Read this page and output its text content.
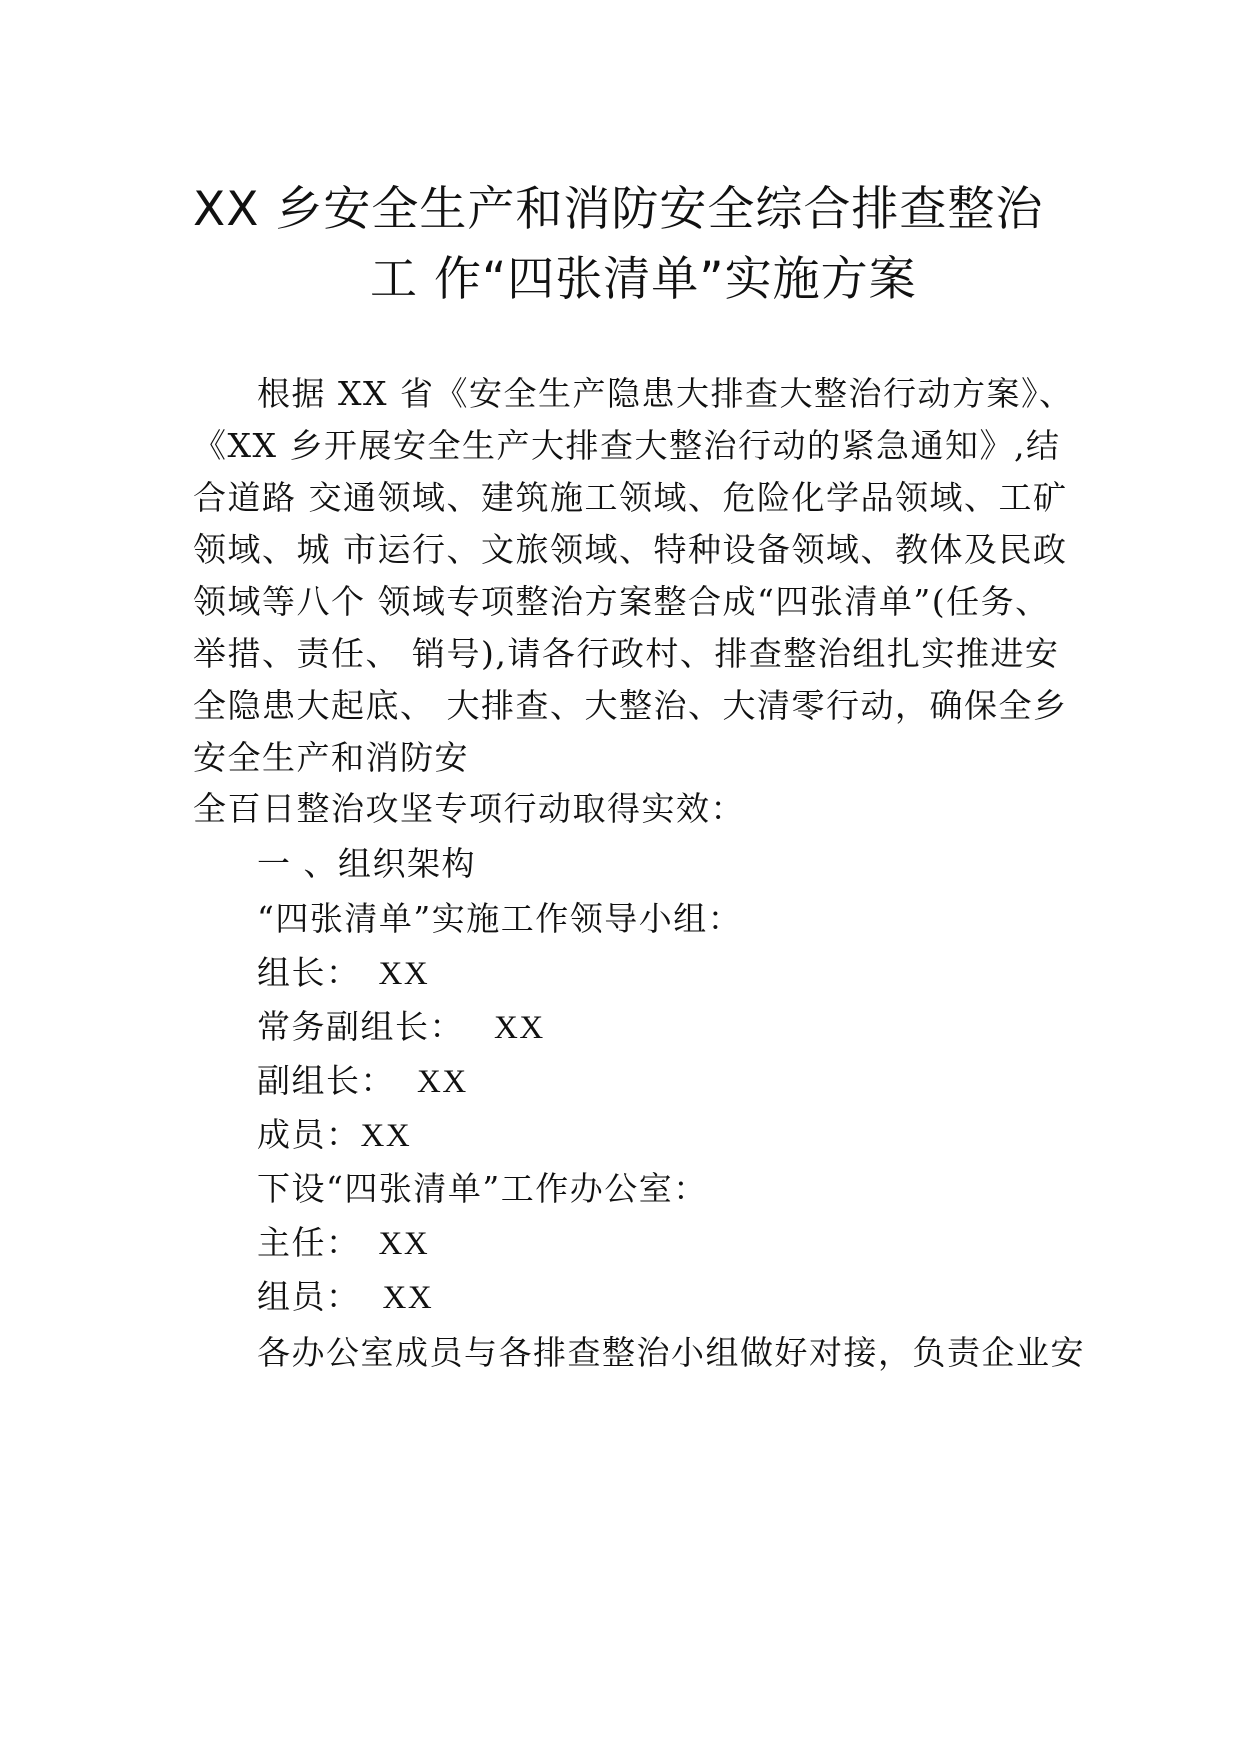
XX 乡安全生产和消防安全综合排查整治
工 作“四张清单”实施方案
根据 XX 省《安全生产隐患大排查大整治行动方案》、
《XX 乡开展安全生产大排查大整治行动的紧急通知》,结
合道路 交通领域、建筑施工领域、危险化学品领域、工矿
领域、城 市运行、文旅领域、特种设备领域、教体及民政
领域等八个 领域专项整治方案整合成“四张清单”(任务、
举措、责任、 销号),请各行政村、排查整治组扎实推进安
全隐患大起底、 大排查、大整治、大清零行动，确保全乡
安全生产和消防安
全百日整治攻坚专项行动取得实效：
一 、组织架构
“四张清单”实施工作领导小组：
组长： XX
常务副组长： XX
副组长： XX
成员：XX
下设“四张清单”工作办公室：
主任： XX
组员： XX
各办公室成员与各排查整治小组做好对接，负责企业安
